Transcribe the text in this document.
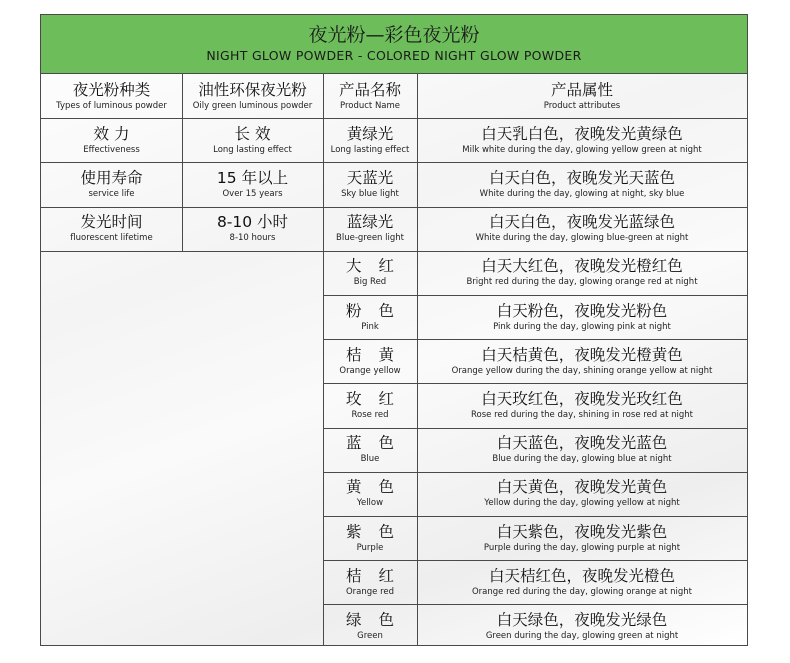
夜光粉—彩色夜光粉
NIGHT GLOW POWDER - COLORED NIGHT GLOW POWDER
夜光粉种类
Types of luminous powder
油性环保夜光粉
Oily green luminous powder
效 力
Effectiveness
长 效
Long lasting effect
使用寿命
service life
15 年以上
Over 15 years
发光时间
fluorescent lifetime
8-10 小时
8-10 hours
产品名称
Product Name
产品属性
Product attributes
黄绿光
Long lasting effect
白天乳白色，夜晚发光黄绿色
Milk white during the day, glowing yellow green at night
天蓝光
Sky blue light
白天白色，夜晚发光天蓝色
White during the day, glowing at night, sky blue
蓝绿光
Blue-green light
白天白色，夜晚发光蓝绿色
White during the day, glowing blue-green at night
大 红
Big Red
白天大红色，夜晚发光橙红色
Bright red during the day, glowing orange red at night
粉 色
Pink
白天粉色，夜晚发光粉色
Pink during the day, glowing pink at night
桔 黄
Orange yellow
白天桔黄色，夜晚发光橙黄色
Orange yellow during the day, shining orange yellow at night
玫 红
Rose red
白天玫红色，夜晚发光玫红色
Rose red during the day, shining in rose red at night
蓝 色
Blue
白天蓝色，夜晚发光蓝色
Blue during the day, glowing blue at night
黄 色
Yellow
白天黄色，夜晚发光黄色
Yellow during the day, glowing yellow at night
紫 色
Purple
白天紫色，夜晚发光紫色
Purple during the day, glowing purple at night
桔 红
Orange red
白天桔红色，夜晚发光橙色
Orange red during the day, glowing orange at night
绿 色
Green
白天绿色，夜晚发光绿色
Green during the day, glowing green at night
